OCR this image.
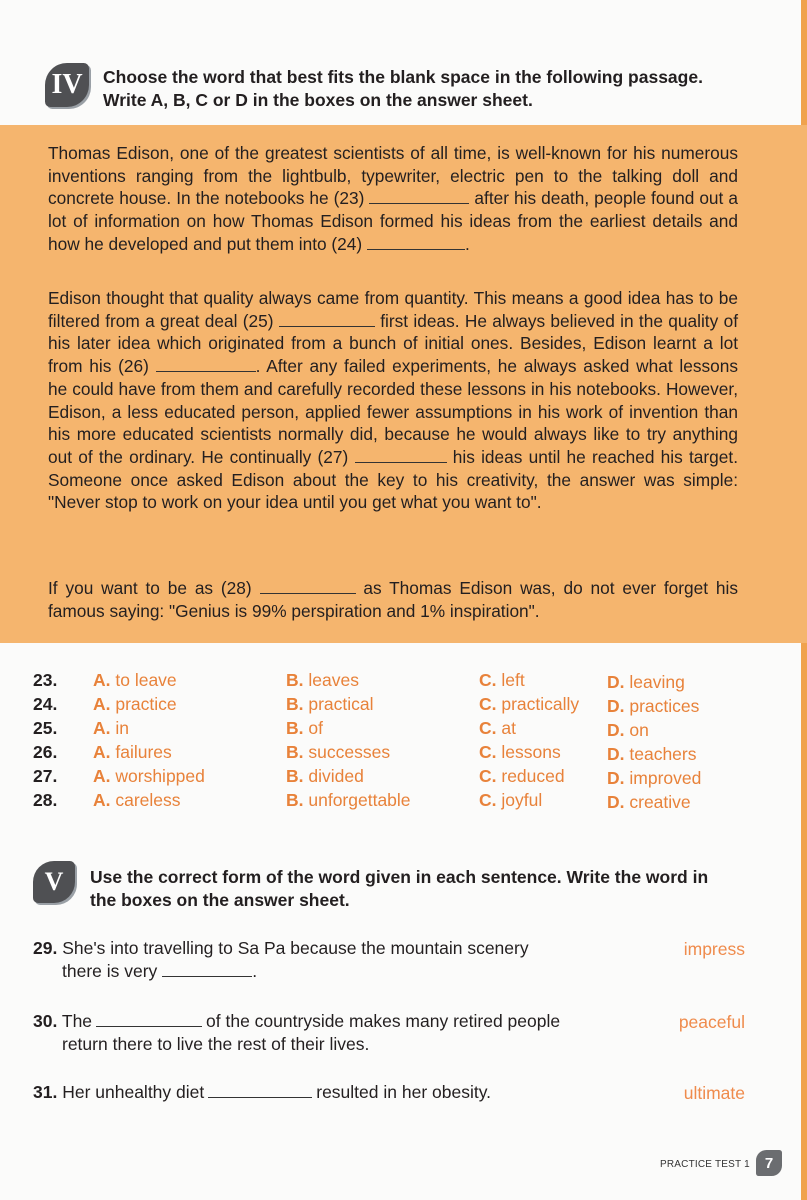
IV Choose the word that best fits the blank space in the following passage.
Write A, B, C or D in the boxes on the answer sheet.

Thomas Edison, one of the greatest scientists of all time, is well-known for his numerous inventions ranging from the lightbulb, typewriter, electric pen to the talking doll and concrete house. In the notebooks he (23)	after his death, people found out a lot of information on how Thomas Edison formed his ideas from the earliest details and how he developed and put them into (24)	.

Edison thought that quality always came from quantity. This means a good idea has to be filtered from a great deal (25)	first ideas. He always believed in the quality of his later idea which originated from a bunch of initial ones. Besides, Edison learnt a lot from his (26)	. After any failed experiments, he always asked what lessons he could have from them and carefully recorded these lessons in his notebooks. However, Edison, a less educated person, applied fewer assumptions in his work of invention than his more educated scientists normally did, because he would always like to try anything out of the ordinary. He continually (27)	his ideas until he reached his target. Someone once asked Edison about the key to his creativity, the answer was simple: "Never stop to work on your idea until you get what you want to".

If you want to be as (28)	as Thomas Edison was, do not ever forget his famous saying: "Genius is 99% perspiration and 1% inspiration".

23. A. to leave	B. leaves	C. left	D. leaving
24. A. practice	B. practical	C. practically D. practices
25. A. in	B. of	C. at	D. on
26. A. failures	B. successes	C. lessons	D. teachers
27. A. worshipped	B. divided	C. reduced D. improved
28. A. careless	B. unforgettable	C. joyful	D. creative
V Use the correct form of the word given in each sentence. Write the word in
the boxes on the answer sheet.
29. She's into travelling to Sa Pa because the mountain scenery
there is very	.
impress
30. The	of the countryside makes many retired people
return there to live the rest of their lives.
peaceful
31. Her unhealthy diet	resulted in her obesity.	ultimate
PRACTICE TEST 1 7
